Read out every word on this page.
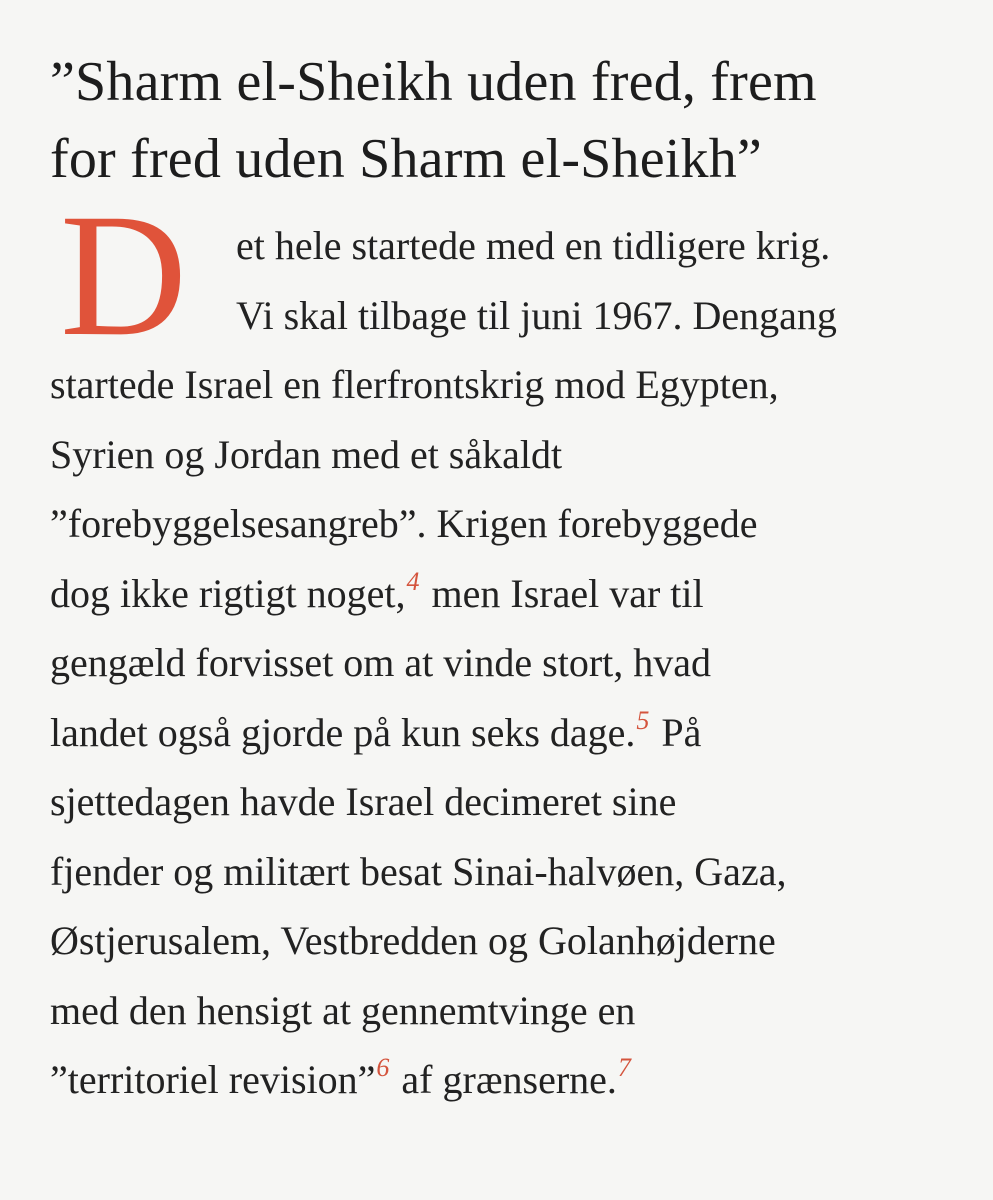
”Sharm el-Sheikh uden fred, frem
for fred uden Sharm el-Sheikh”
D	et hele startede med en tidligere krig.
Vi skal tilbage til juni 1967. Dengang
startede Israel en flerfrontskrig mod Egypten,
Syrien og Jordan med et såkaldt
”forebyggelsesangreb”. Krigen forebyggede
dog ikke rigtigt noget,4 men Israel var til
gengæld forvisset om at vinde stort, hvad
landet også gjorde på kun seks dage.5 På
sjettedagen havde Israel decimeret sine
fjender og militært besat Sinai-halvøen, Gaza,
Østjerusalem, Vestbredden og Golanhøjderne
med den hensigt at gennemtvinge en
”territoriel revision”6 af grænserne.7
